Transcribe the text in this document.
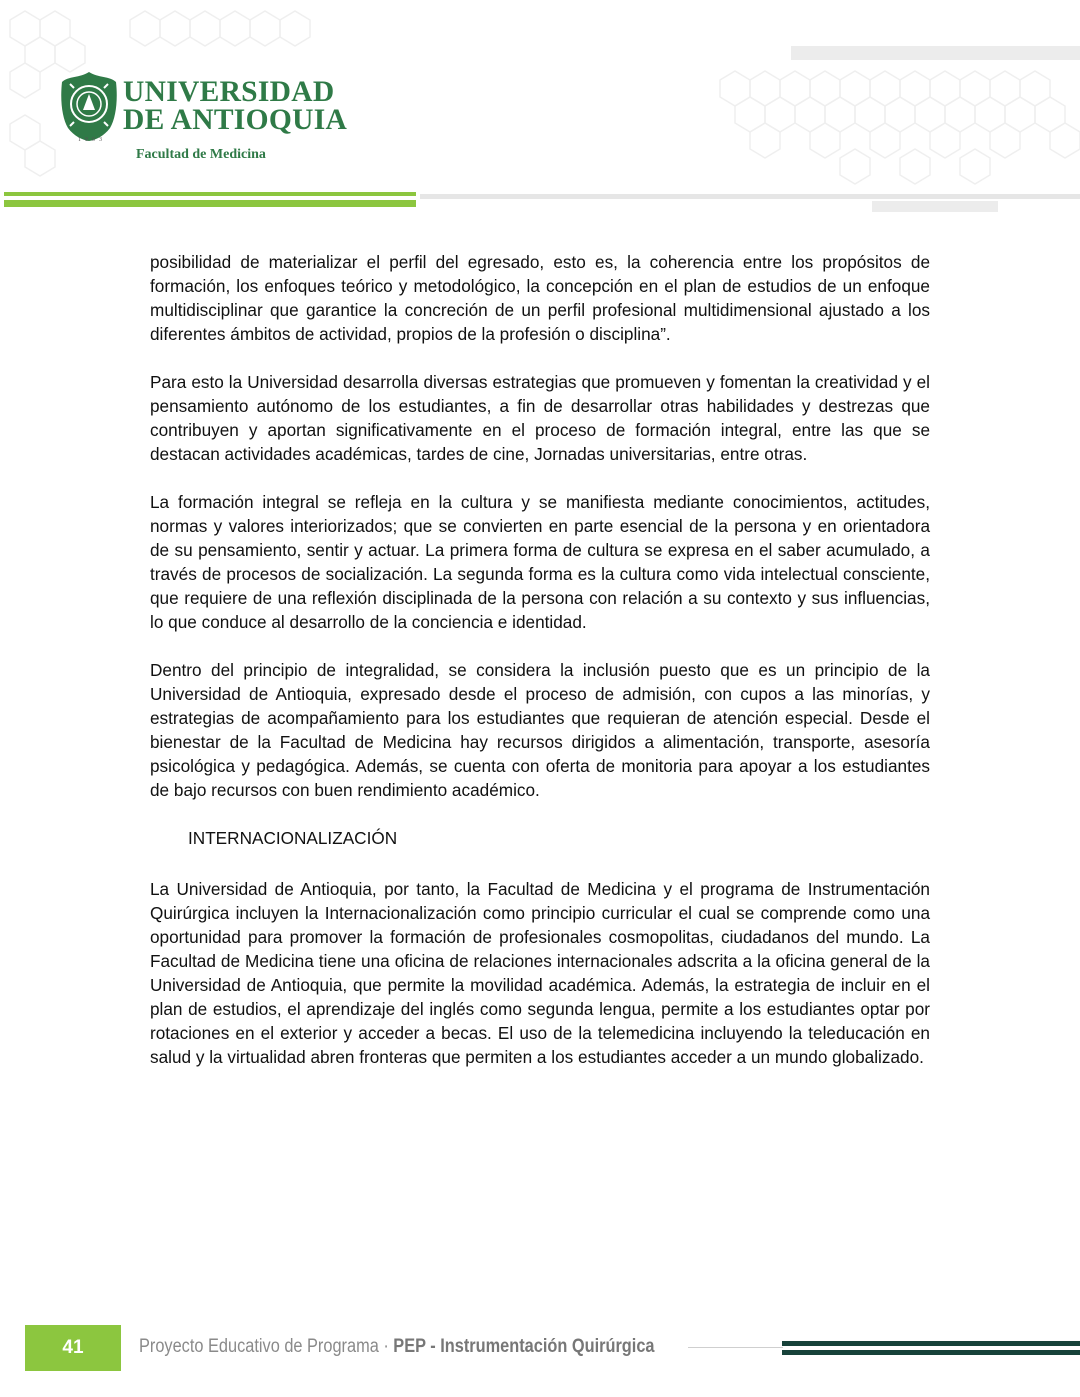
1803
UNIVERSIDAD
DE ANTIOQUIA
Facultad de Medicina

posibilidad de materializar el perfil del egresado, esto es, la coherencia entre los propósitos de formación, los enfoques teórico y metodológico, la concepción en el plan de estudios de un enfoque multidisciplinar que garantice la concreción de un perfil profesional multidimensional ajustado a los diferentes ámbitos de actividad, propios de la profesión o disciplina”.

Para esto la Universidad desarrolla diversas estrategias que promueven y fomentan la creatividad y el pensamiento autónomo de los estudiantes, a fin de desarrollar otras habilidades y destrezas que contribuyen y aportan significativamente en el proceso de formación integral, entre las que se destacan actividades académicas, tardes de cine, Jornadas universitarias, entre otras.

La formación integral se refleja en la cultura y se manifiesta mediante conocimientos, actitudes, normas y valores interiorizados; que se convierten en parte esencial de la persona y en orientadora de su pensamiento, sentir y actuar. La primera forma de cultura se expresa en el saber acumulado, a través de procesos de socialización. La segunda forma es la cultura como vida intelectual consciente, que requiere de una reflexión disciplinada de la persona con relación a su contexto y sus influencias, lo que conduce al desarrollo de la conciencia e identidad.

Dentro del principio de integralidad, se considera la inclusión puesto que es un principio de la Universidad de Antioquia, expresado desde el proceso de admisión, con cupos a las minorías, y estrategias de acompañamiento para los estudiantes que requieran de atención especial. Desde el bienestar de la Facultad de Medicina hay recursos dirigidos a alimentación, transporte, asesoría psicológica y pedagógica. Además, se cuenta con oferta de monitoria para apoyar a los estudiantes de bajo recursos con buen rendimiento académico.

INTERNACIONALIZACIÓN

La Universidad de Antioquia, por tanto, la Facultad de Medicina y el programa de Instrumentación Quirúrgica incluyen la Internacionalización como principio curricular el cual se comprende como una oportunidad para promover la formación de profesionales cosmopolitas, ciudadanos del mundo. La Facultad de Medicina tiene una oficina de relaciones internacionales adscrita a la oficina general de la Universidad de Antioquia, que permite la movilidad académica. Además, la estrategia de incluir en el plan de estudios, el aprendizaje del inglés como segunda lengua, permite a los estudiantes optar por rotaciones en el exterior y acceder a becas. El uso de la telemedicina incluyendo la teleducación en salud y la virtualidad abren fronteras que permiten a los estudiantes acceder a un mundo globalizado.

41	Proyecto Educativo de Programa · PEP - Instrumentación Quirúrgica
